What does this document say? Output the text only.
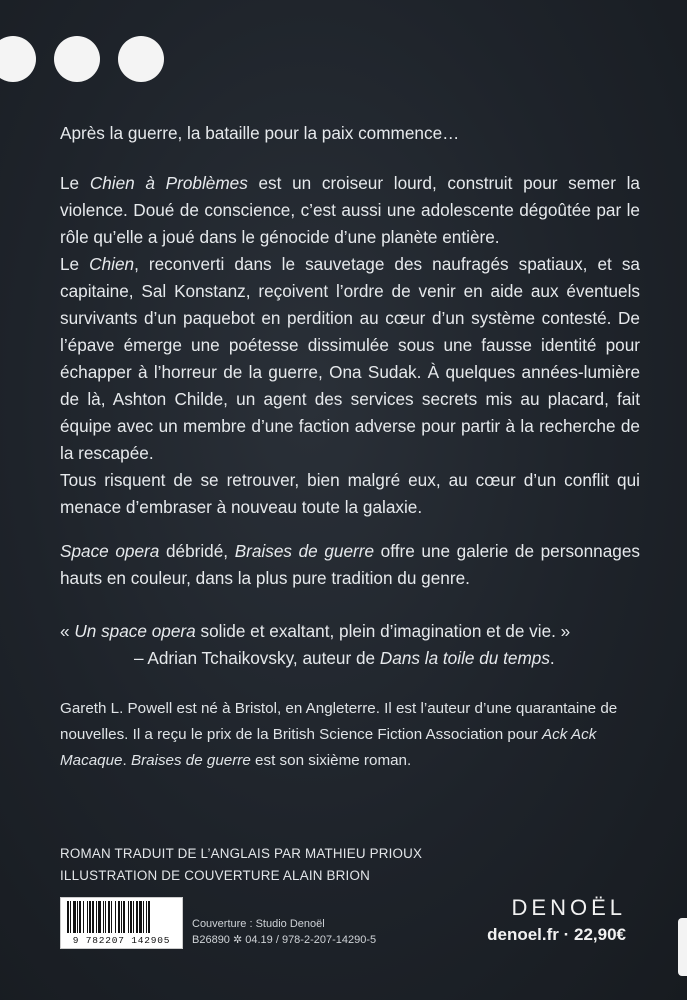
Après la guerre, la bataille pour la paix commence…

Le Chien à Problèmes est un croiseur lourd, construit pour semer la violence. Doué de conscience, c’est aussi une adolescente dégoûtée par le rôle qu’elle a joué dans le génocide d’une planète entière.

Le Chien, reconverti dans le sauvetage des naufragés spatiaux, et sa capitaine, Sal Konstanz, reçoivent l’ordre de venir en aide aux éventuels survivants d’un paquebot en perdition au cœur d’un système contesté. De l’épave émerge une poétesse dissimulée sous une fausse identité pour échapper à l’horreur de la guerre, Ona Sudak. À quelques années-lumière de là, Ashton Childe, un agent des services secrets mis au placard, fait équipe avec un membre d’une faction adverse pour partir à la recherche de la rescapée.

Tous risquent de se retrouver, bien malgré eux, au cœur d’un conflit qui menace d’embraser à nouveau toute la galaxie.

Space opera débridé, Braises de guerre offre une galerie de personnages hauts en couleur, dans la plus pure tradition du genre.

« Un space opera solide et exaltant, plein d’imagination et de vie. »

– Adrian Tchaikovsky, auteur de Dans la toile du temps.

Gareth L. Powell est né à Bristol, en Angleterre. Il est l’auteur d’une quarantaine de nouvelles. Il a reçu le prix de la British Science Fiction Association pour Ack Ack Macaque. Braises de guerre est son sixième roman.

ROMAN TRADUIT DE L’ANGLAIS PAR MATHIEU PRIOUX
ILLUSTRATION DE COUVERTURE ALAIN BRION
9 782207 142905
Couverture : Studio Denoël
B26890 ✲ 04.19 / 978-2-207-14290-5
DENOËL
denoel.fr · 22,90€
